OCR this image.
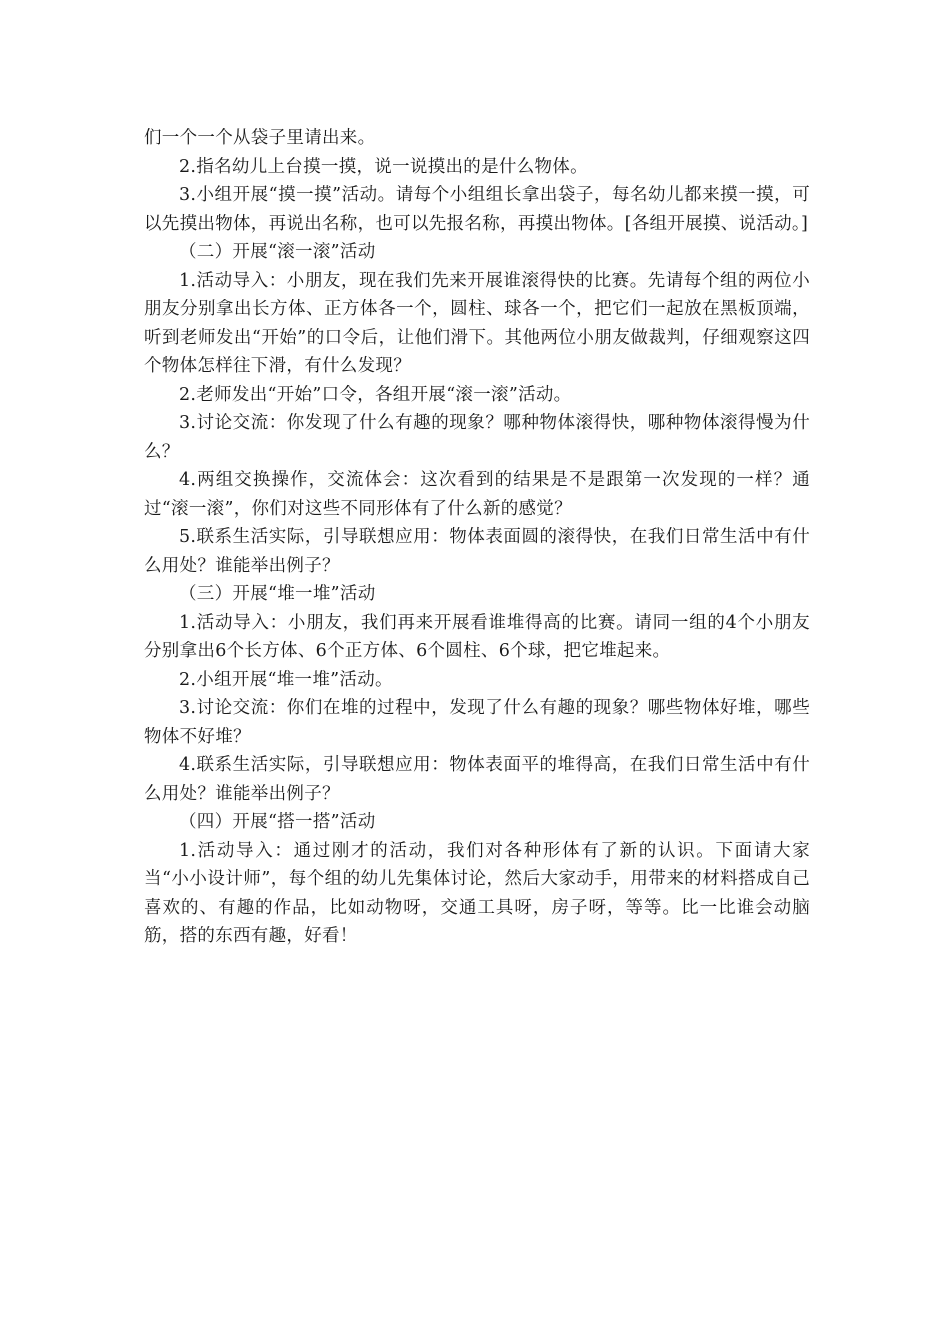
们一个一个从袋子里请出来。

2.指名幼儿上台摸一摸，说一说摸出的是什么物体。

3.小组开展“摸一摸”活动。请每个小组组长拿出袋子，每名幼儿都来摸一摸，可以先摸出物体，再说出名称，也可以先报名称，再摸出物体。[各组开展摸、说活动。]

（二）开展“滚一滚”活动

1.活动导入：小朋友，现在我们先来开展谁滚得快的比赛。先请每个组的两位小朋友分别拿出长方体、正方体各一个，圆柱、球各一个，把它们一起放在黑板顶端，听到老师发出“开始”的口令后，让他们滑下。其他两位小朋友做裁判，仔细观察这四个物体怎样往下滑，有什么发现？

2.老师发出“开始”口令，各组开展“滚一滚”活动。

3.讨论交流：你发现了什么有趣的现象？哪种物体滚得快，哪种物体滚得慢为什么？

4.两组交换操作，交流体会：这次看到的结果是不是跟第一次发现的一样？通过“滚一滚”，你们对这些不同形体有了什么新的感觉？

5.联系生活实际，引导联想应用：物体表面圆的滚得快，在我们日常生活中有什么用处？谁能举出例子？

（三）开展“堆一堆”活动

1.活动导入：小朋友，我们再来开展看谁堆得高的比赛。请同一组的4个小朋友分别拿出6个长方体、6个正方体、6个圆柱、6个球，把它堆起来。

2.小组开展“堆一堆”活动。

3.讨论交流：你们在堆的过程中，发现了什么有趣的现象？哪些物体好堆，哪些物体不好堆？

4.联系生活实际，引导联想应用：物体表面平的堆得高，在我们日常生活中有什么用处？谁能举出例子？

（四）开展“搭一搭”活动

1.活动导入：通过刚才的活动，我们对各种形体有了新的认识。下面请大家当“小小设计师”，每个组的幼儿先集体讨论，然后大家动手，用带来的材料搭成自己喜欢的、有趣的作品，比如动物呀，交通工具呀，房子呀，等等。比一比谁会动脑筋，搭的东西有趣，好看！
